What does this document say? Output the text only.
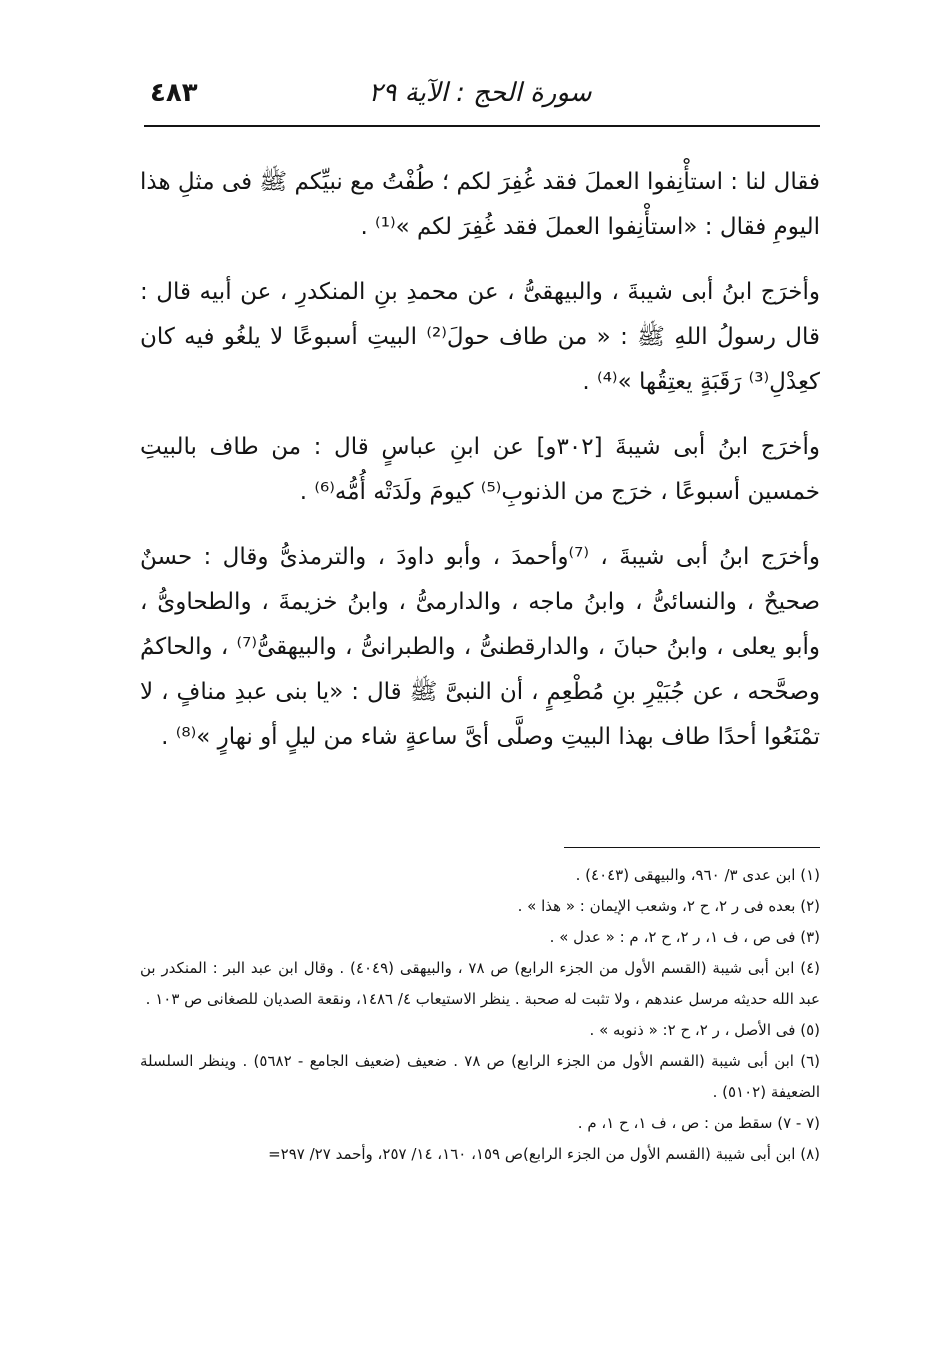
٤٨٣	سورة الحج : الآية ٢٩

فقال لنا : استأْنِفوا العملَ فقد غُفِرَ لكم ؛ طُفْتُ مع نبيِّكم ﷺ فى مثلِ هذا اليومِ فقال : «استأْنِفوا العملَ فقد غُفِرَ لكم »⁽¹⁾ .

وأخرَج ابنُ أبى شيبةَ ، والبيهقىُّ ، عن محمدِ بنِ المنكدرِ ، عن أبيه قال : قال رسولُ اللهِ ﷺ : « من طاف حولَ⁽²⁾ البيتِ أسبوعًا لا يلغُو فيه كان كعِدْلِ⁽³⁾ رَقَبَةٍ يعتِقُها »⁽⁴⁾ .

وأخرَج ابنُ أبى شيبةَ [٣٠٢و] عن ابنِ عباسٍ قال : من طاف بالبيتِ خمسين أسبوعًا ، خرَج من الذنوبِ⁽⁵⁾ كيومَ ولَدَتْه أُمُّه⁽⁶⁾ .

وأخرَج ابنُ أبى شيبةَ ، ⁽⁷⁾وأحمدَ ، وأبو داودَ ، والترمذىُّ وقال : حسنٌ صحيحٌ ، والنسائىُّ ، وابنُ ماجه ، والدارمىُّ ، وابنُ خزيمةَ ، والطحاوىُّ ، وأبو يعلى ، وابنُ حبانَ ، والدارقطنىُّ ، والطبرانىُّ ، والبيهقىُّ⁽⁷⁾ ، والحاكمُ وصحَّحه ، عن جُبَيْرِ بنِ مُطْعِمٍ ، أن النبىَّ ﷺ قال : «يا بنى عبدِ منافٍ ، لا تمْنَعُوا أحدًا طاف بهذا البيتِ وصلَّى أىَّ ساعةٍ شاء من ليلٍ أو نهارٍ »⁽⁸⁾ .

(١) ابن عدى ٣/ ٩٦٠، والبيهقى (٤٠٤٣) .

(٢) بعده فى ر ٢، ح ٢، وشعب الإيمان : « هذا » .

(٣) فى ص ، ف ١، ر ٢، ح ٢، م : « عدل » .

(٤) ابن أبى شيبة (القسم الأول من الجزء الرابع) ص ٧٨ ، والبيهقى (٤٠٤٩) . وقال ابن عبد البر : المنكدر بن عبد الله حديثه مرسل عندهم ، ولا تثبت له صحبة . ينظر الاستيعاب ٤/ ١٤٨٦، ونقعة الصديان للصغانى ص ١٠٣ .

(٥) فى الأصل ، ر ٢، ح ٢: « ذنوبه » .

(٦) ابن أبى شيبة (القسم الأول من الجزء الرابع) ص ٧٨ . ضعيف (ضعيف الجامع - ٥٦٨٢) . وينظر السلسلة الضعيفة (٥١٠٢) .

(٧ - ٧) سقط من : ص ، ف ١، ح ١، م .

(٨) ابن أبى شيبة (القسم الأول من الجزء الرابع)ص ١٥٩، ١٦٠، ١٤/ ٢٥٧، وأحمد ٢٧/ ٢٩٧=
